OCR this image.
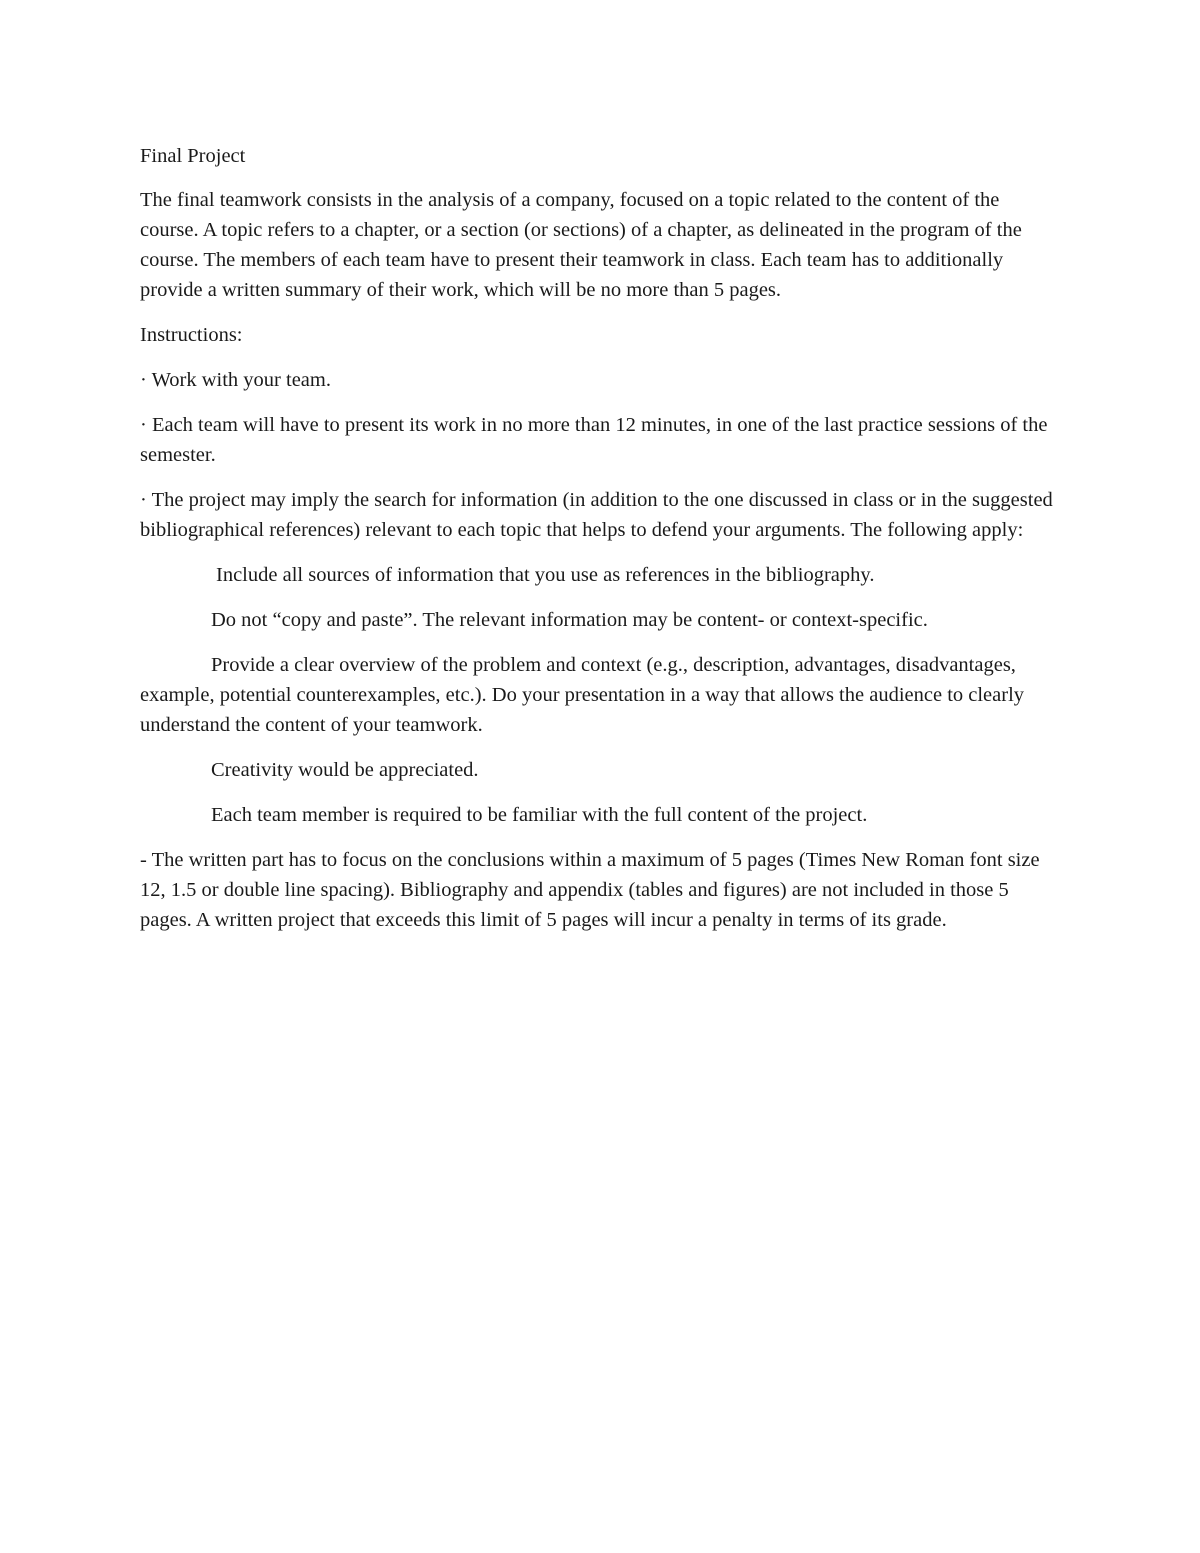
Final Project

The final teamwork consists in the analysis of a company, focused on a topic related to the content of the course. A topic refers to a chapter, or a section (or sections) of a chapter, as delineated in the program of the course. The members of each team have to present their teamwork in class. Each team has to additionally provide a written summary of their work, which will be no more than 5 pages.

Instructions:

· Work with your team.

· Each team will have to present its work in no more than 12 minutes, in one of the last practice sessions of the semester.

· The project may imply the search for information (in addition to the one discussed in class or in the suggested bibliographical references) relevant to each topic that helps to defend your arguments. The following apply:

Include all sources of information that you use as references in the bibliography.

Do not “copy and paste”. The relevant information may be content- or context-specific.

Provide a clear overview of the problem and context (e.g., description, advantages, disadvantages, example, potential counterexamples, etc.). Do your presentation in a way that allows the audience to clearly understand the content of your teamwork.

Creativity would be appreciated.

Each team member is required to be familiar with the full content of the project.

- The written part has to focus on the conclusions within a maximum of 5 pages (Times New Roman font size 12, 1.5 or double line spacing). Bibliography and appendix (tables and figures) are not included in those 5 pages. A written project that exceeds this limit of 5 pages will incur a penalty in terms of its grade.
